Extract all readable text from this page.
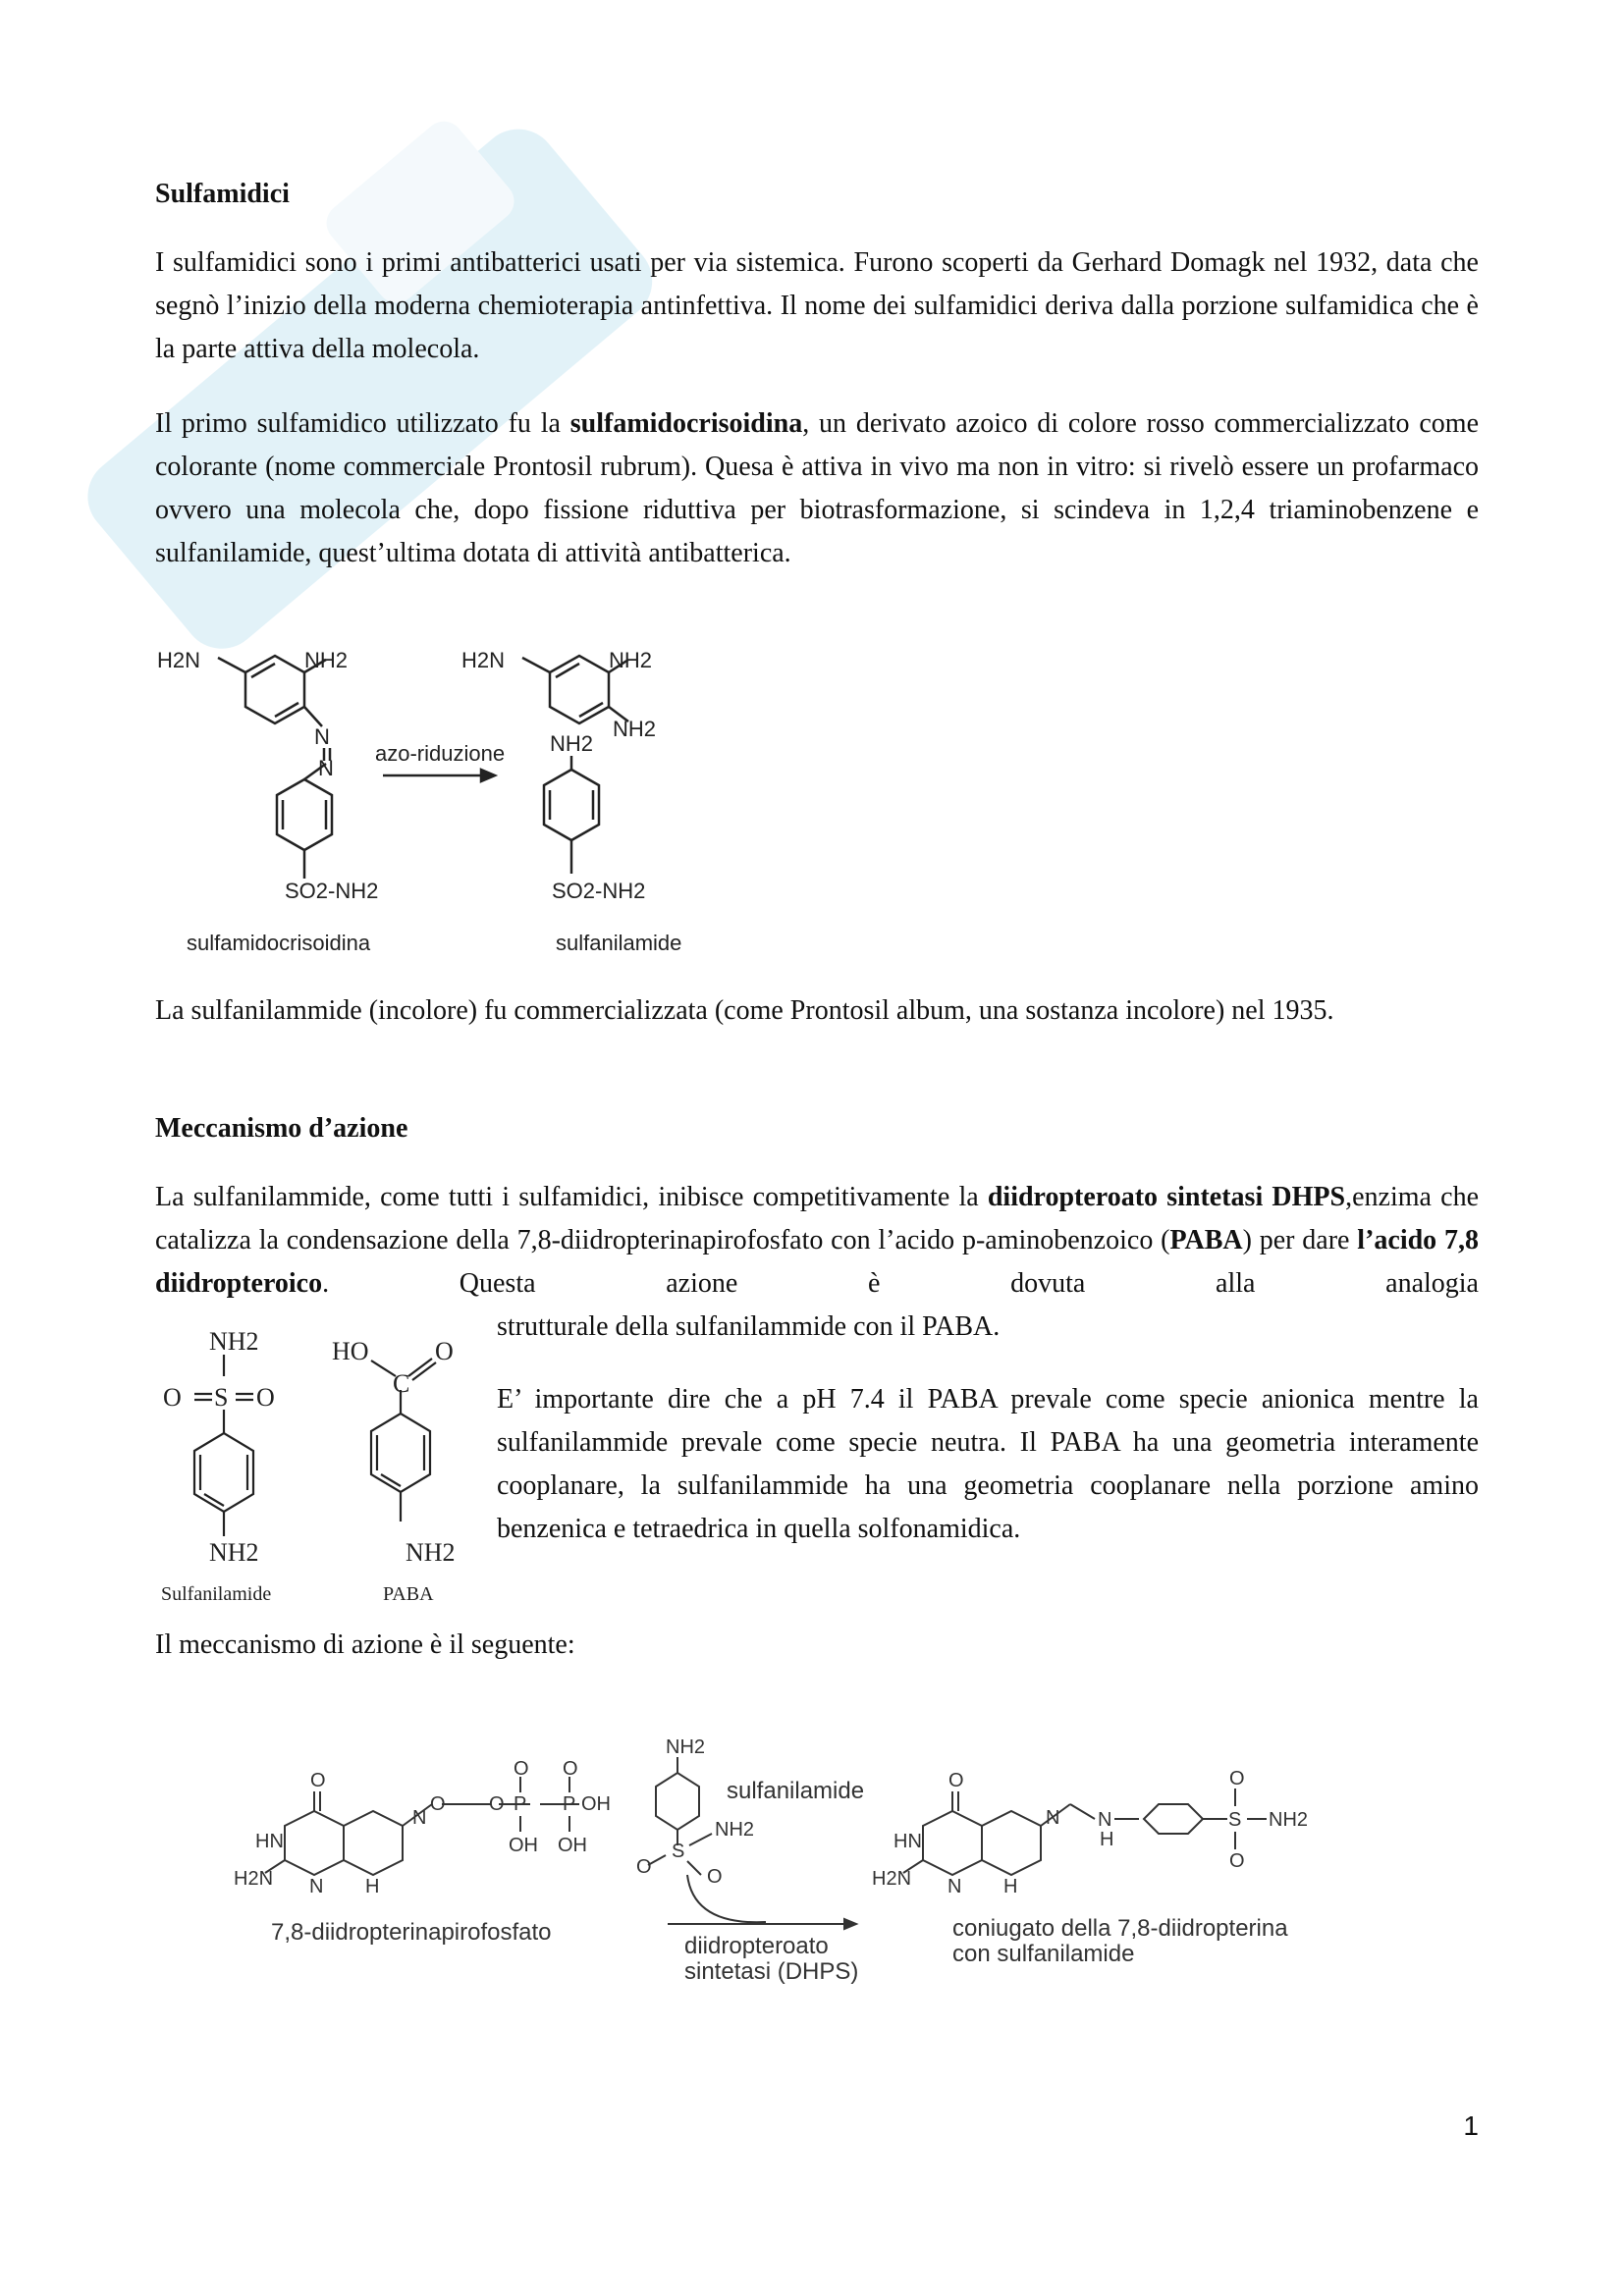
Sulfamidici

I sulfamidici sono i primi antibatterici usati per via sistemica. Furono scoperti da Gerhard Domagk nel 1932, data che segnò l’inizio della moderna chemioterapia antinfettiva. Il nome dei sulfamidici deriva dalla porzione sulfamidica che è la parte attiva della molecola.

Il primo sulfamidico utilizzato fu la sulfamidocrisoidina, un derivato azoico di colore rosso commercializzato come colorante (nome commerciale Prontosil rubrum). Quesa è attiva in vivo ma non in vitro: si rivelò essere un profarmaco ovvero una molecola che, dopo fissione riduttiva per biotrasformazione, si scindeva in 1,2,4 triaminobenzene e sulfanilamide, quest’ultima dotata di attività antibatterica.

H2N	NH2
N
N
SO2-NH2
azo-riduzione
H2N	NH2
NH2
NH2
SO2-NH2
sulfamidocrisoidina	sulfanilamide

La sulfanilammide (incolore) fu commercializzata (come Prontosil album, una sostanza incolore) nel 1935.

Meccanismo d’azione

La sulfanilammide, come tutti i sulfamidici, inibisce competitivamente la diidropteroato sintetasi DHPS,enzima che catalizza la condensazione della 7,8-diidropterinapirofosfato con l’acido p-aminobenzoico (PABA) per dare l’acido 7,8 diidropteroico. Questa azione è dovuta alla analogia

NH2
O S O
NH2
HO	O
C
NH2
Sulfanilamide	PABA

strutturale della sulfanilammide con il PABA.

E’ importante dire che a pH 7.4 il PABA prevale come specie anionica mentre la sulfanilammide prevale come specie neutra. Il PABA ha una geometria interamente cooplanare, la sulfanilammide ha una geometria cooplanare nella porzione amino benzenica e tetraedrica in quella solfonamidica.

Il meccanismo di azione è il seguente:

NH2
sulfanilamide
O
S
O
NH2
diidropteroato
sintetasi (DHPS)
O
HN
N
N H
H2N
O
O
P
O
O
P OH
OH OH
7,8-diidropterinapirofosfato
O
HN
N
N H
H2N
N
H
O
S
O
NH2
coniugato della 7,8-diidropterina
con sulfanilamide
1
